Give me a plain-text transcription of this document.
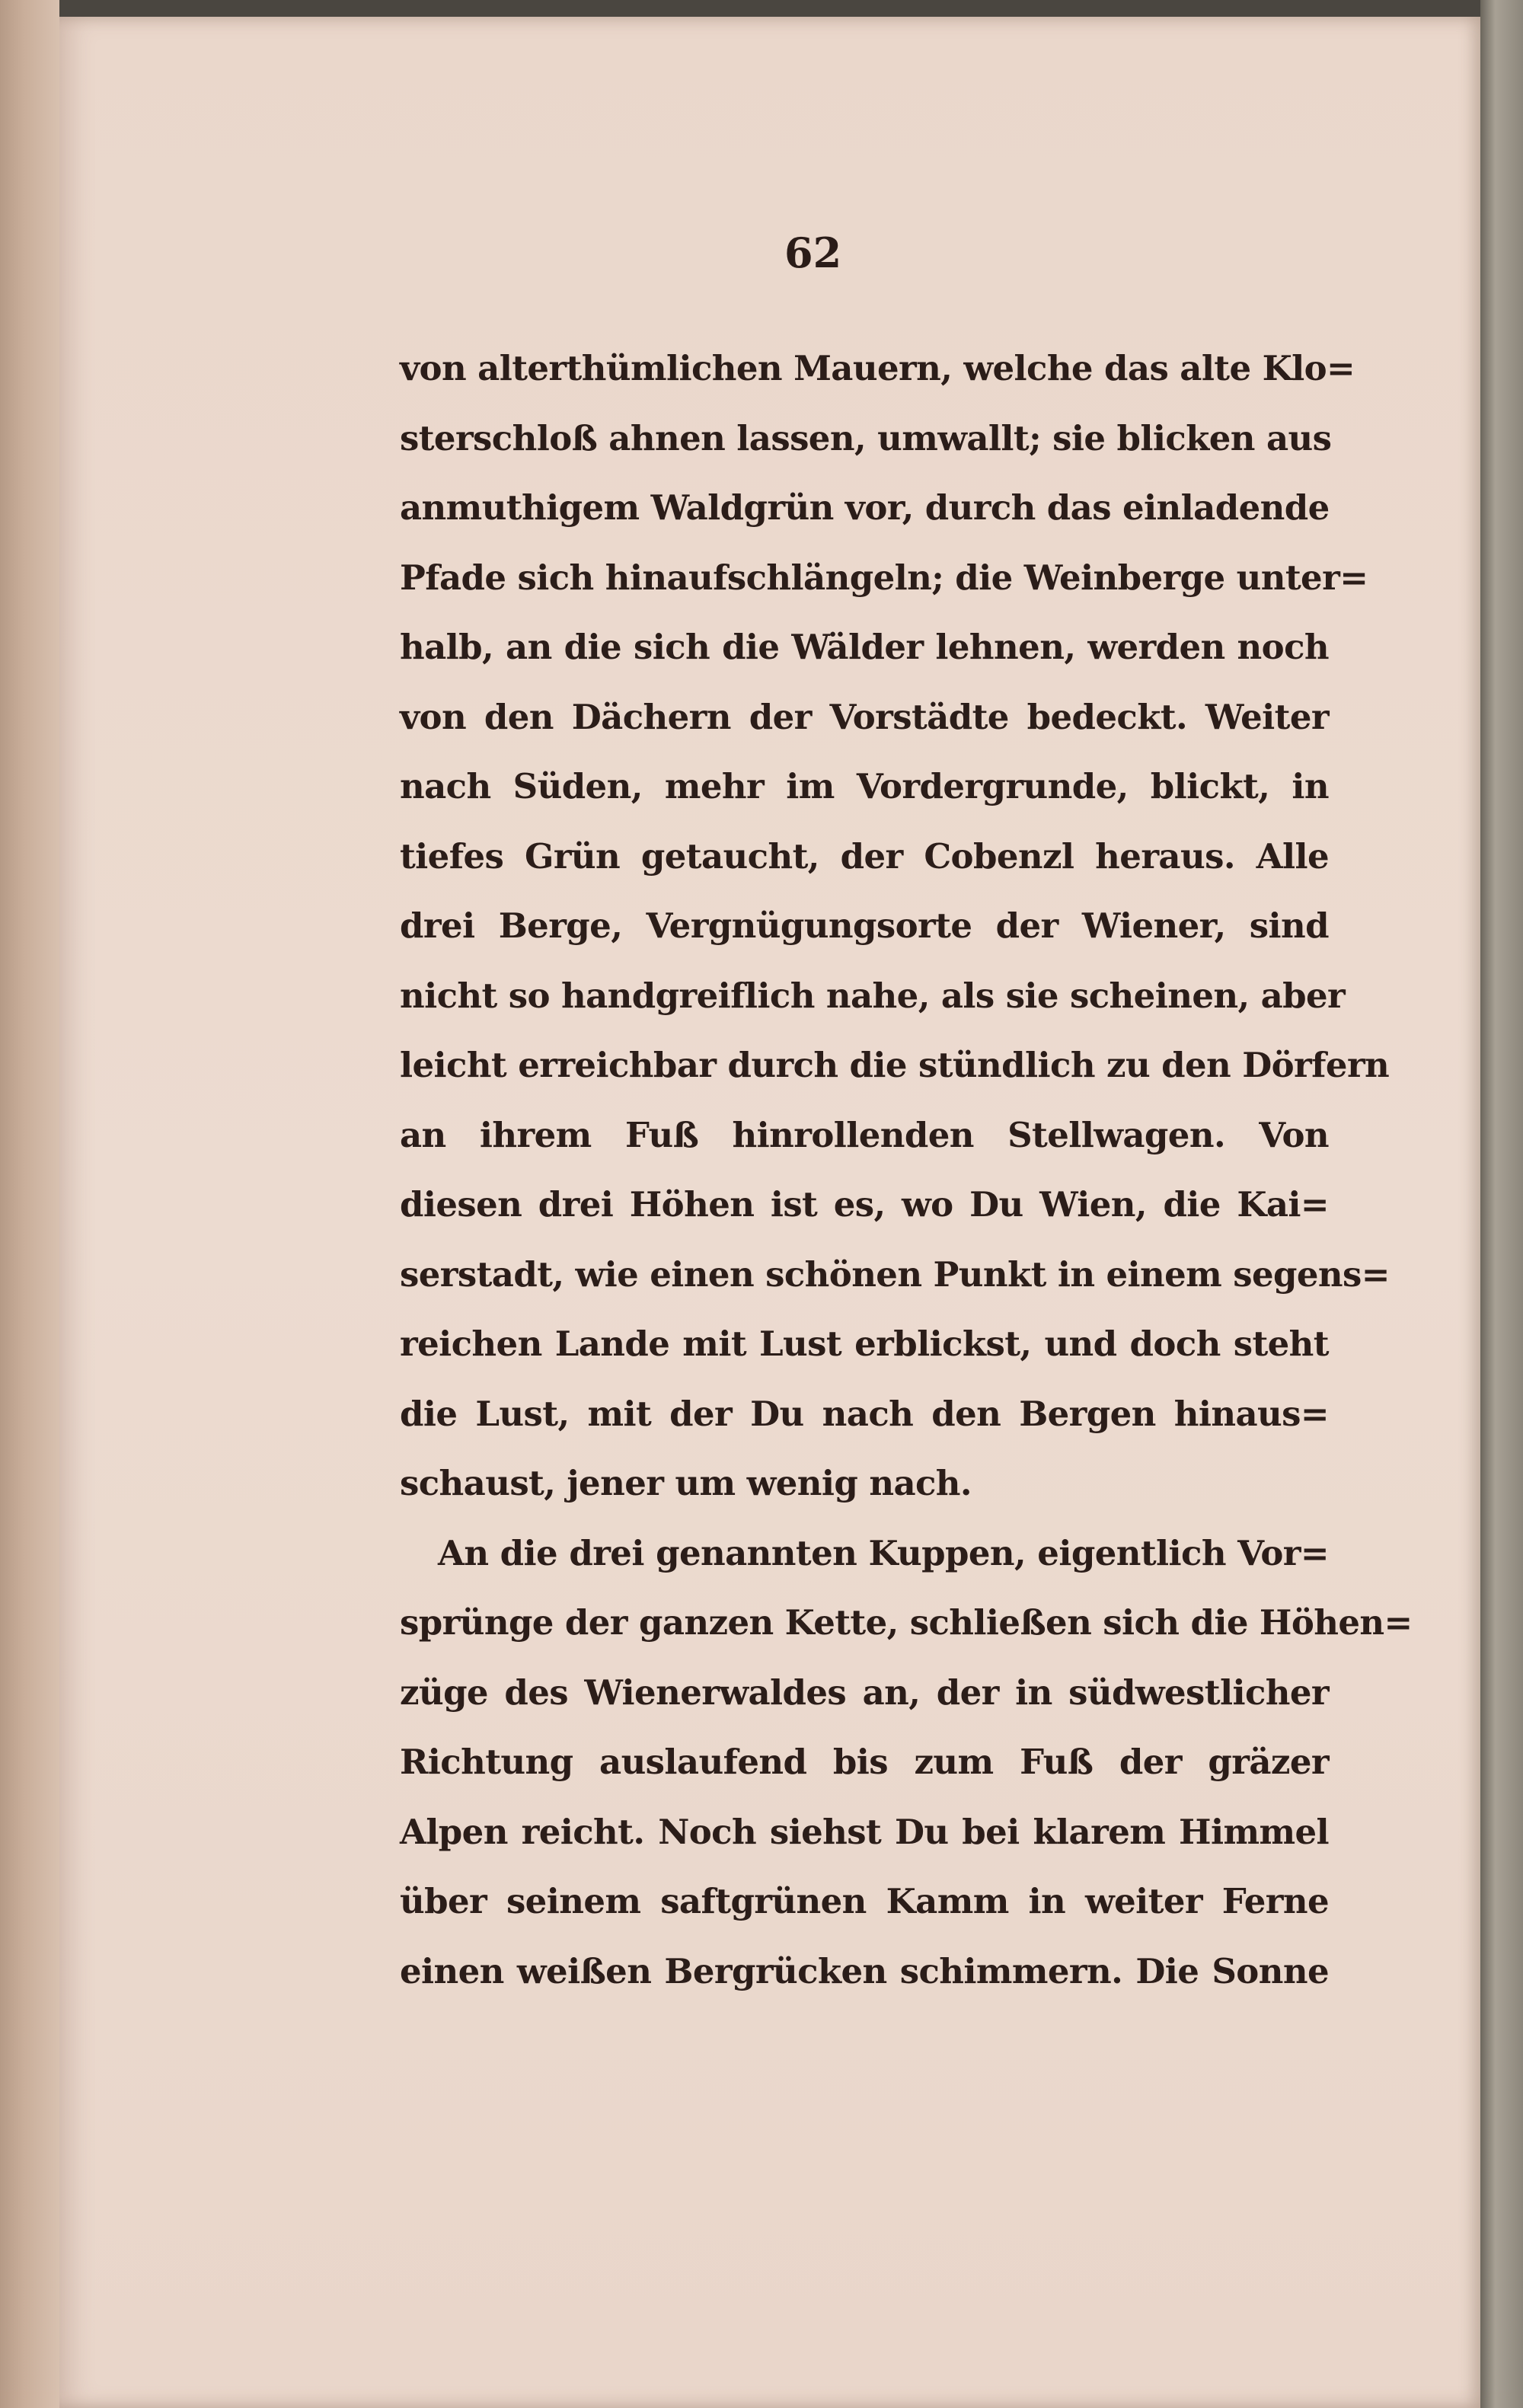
62
von alterthümlichen Mauern, welche das alte Klo=
sterschloß ahnen lassen, umwallt; sie blicken aus
anmuthigem Waldgrün vor, durch das einladende
Pfade sich hinaufschlängeln; die Weinberge unter=
halb, an die sich die Wälder lehnen, werden noch
von den Dächern der Vorstädte bedeckt. Weiter
nach Süden, mehr im Vordergrunde, blickt, in
tiefes Grün getaucht, der Cobenzl heraus. Alle
drei Berge, Vergnügungsorte der Wiener, sind
nicht so handgreiflich nahe, als sie scheinen, aber
leicht erreichbar durch die stündlich zu den Dörfern
an ihrem Fuß hinrollenden Stellwagen. Von
diesen drei Höhen ist es, wo Du Wien, die Kai=
serstadt, wie einen schönen Punkt in einem segens=
reichen Lande mit Lust erblickst, und doch steht
die Lust, mit der Du nach den Bergen hinaus=
schaust, jener um wenig nach.
An die drei genannten Kuppen, eigentlich Vor=
sprünge der ganzen Kette, schließen sich die Höhen=
züge des Wienerwaldes an, der in südwestlicher
Richtung auslaufend bis zum Fuß der gräzer
Alpen reicht. Noch siehst Du bei klarem Himmel
über seinem saftgrünen Kamm in weiter Ferne
einen weißen Bergrücken schimmern. Die Sonne
